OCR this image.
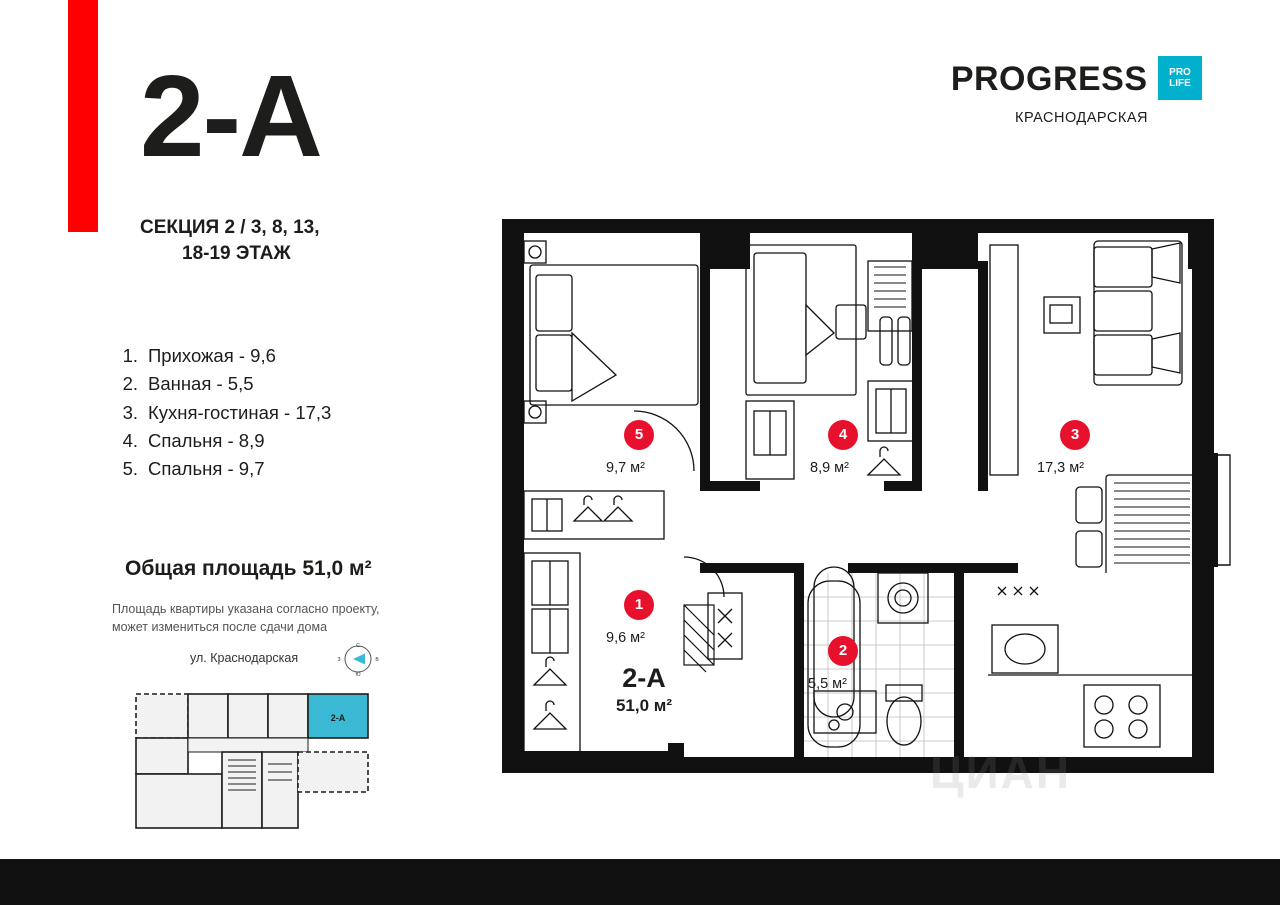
2-А
СЕКЦИЯ 2 / 3, 8, 13,
18-19 ЭТАЖ
1. Прихожая - 9,6
2. Ванная - 5,5
3. Кухня-гостиная - 17,3
4. Спальня - 8,9
5. Спальня - 9,7
Общая площадь 51,0 м²
Площадь квартиры указана согласно проекту, может измениться после сдачи дома
ул. Краснодарская
С
Ю
З	В
2-А
PROGRESS	PRO
LIFE
КРАСНОДАРСКАЯ
5
9,7 м²
4
8,9 м²
3
17,3 м²
1
9,6 м²
2
5,5 м²
2-А
51,0 м²
